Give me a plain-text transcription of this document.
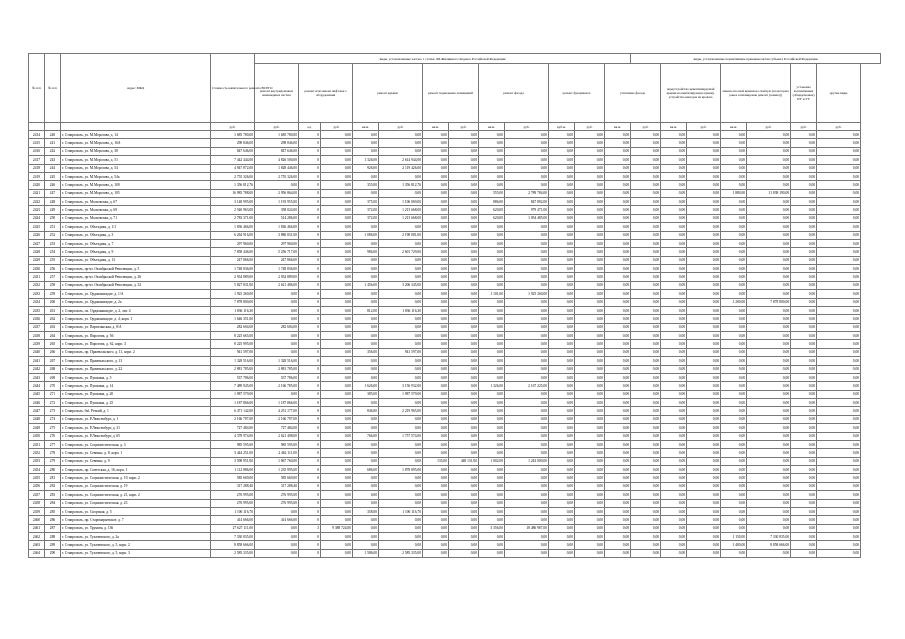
№ п/п	№ п/п	Адрес МКД	Стоимость капитального ремонта ВСЕГО	виды, установленные частью 1 статьи 166 Жилищного Кодекса Российской Федерации												виды, установленные нормативным правовым актом субъекта Российской Федерации						
				ремонт внутридомовых инженерных систем	ремонт или замена лифтового оборудования		ремонт крыши		ремонт подвальных помещений		ремонт фасада		ремонт фундамента		утепление фасада		переустройство невентилируемой крыши на вентилируемую крышу, устройство выходов на кровлю		замена плоской крыши на скатную (на которых ранее запланирован ремонт (замена))		установка коллективных (общедомовых) ПУ и УУ	другие виды
			руб.	руб.	ед.	руб.	кв.м.	руб.	кв.м.	руб.	кв.м.	руб.	куб.м.	руб.	кв.м.	руб.	кв.м.	руб.	кв.м.	руб.	руб.	руб.
2414	240	г. Ставрополь, ул. М.Морозова, д. 14	1 685 780,00	1 685 780,00	0	0,00	0,00	0,00	0,00	0,00	0,00	0,00	0,00	0,00	0,00	0,00	0,00	0,00	0,00	0,00	0,00	0,00
2415	241	г. Ставрополь, ул. М.Морозова, д. 16А	298 846,00	298 846,00	0	0,00	0,00	0,00	0,00	0,00	0,00	0,00	0,00	0,00	0,00	0,00	0,00	0,00	0,00	0,00	0,00	0,00
2416	242	г. Ставрополь, ул. М.Морозова, д. 38	847 646,00	847 646,00	0	0,00	0,00	0,00	0,00	0,00	0,00	0,00	0,00	0,00	0,00	0,00	0,00	0,00	0,00	0,00	0,00	0,00
2417	243	г. Ставрополь, ул. М.Морозова, д. 51	7 442 444,00	4 826 500,00	0	0,00	1 326,00	2 614 944,00	0,00	0,00	0,00	0,00	0,00	0,00	0,00	0,00	0,00	0,00	0,00	0,00	0,00	0,00
2418	244	г. Ставрополь, ул. М.Морозова, д. 54	4 947 872,00	1 828 446,00	0	0,00	926,00	2 119 426,00	0,00	0,00	0,00	0,00	0,00	0,00	0,00	0,00	0,00	0,00	0,00	0,00	0,00	0,00
2419	245	г. Ставрополь, ул. М.Морозова, д. 54а	2 755 326,00	2 755 326,00	0	0,00	0,00	0,00	0,00	0,00	0,00	0,00	0,00	0,00	0,00	0,00	0,00	0,00	0,00	0,00	0,00	0,00
2420	246	г. Ставрополь, ул. М.Морозова, д. 100	1 356 812,76	0,00	0	0,00	355,00	1 356 812,76	0,00	0,00	0,00	0,00	0,00	0,00	0,00	0,00	0,00	0,00	0,00	0,00	0,00	0,00
2421	247	г. Ставрополь, ул. М.Морозова, д. 105	16 985 788,00	2 956 864,00	0	0,00	0,00	0,00	0,00	0,00	555,00	2 789 784,00	0,00	0,00	0,00	0,00	0,00	0,00	1 880,00	11 838 190,00	0,00	0,00
2422	248	г. Ставрополь, ул. Московская, д. 67	3 148 995,00	1 193 955,00	0	0,00	375,00	1 106 069,00	0,00	0,00	886,00	847 892,00	0,00	0,00	0,00	0,00	0,00	0,00	0,00	0,00	0,00	0,00
2423	249	г. Ставрополь, ул. Московская, д. 69	2 540 963,00	358 024,00	0	0,00	372,00	1 213 668,00	0,00	0,00	620,00	979 471,00	0,00	0,00	0,00	0,00	0,00	0,00	0,00	0,00	0,00	0,00
2424	250	г. Ставрополь, ул. Московская, д. 71	2 783 371,00	514 286,00	0	0,00	372,00	1 213 668,00	0,00	0,00	620,00	1 054 485,00	0,00	0,00	0,00	0,00	0,00	0,00	0,00	0,00	0,00	0,00
2425	251	г. Ставрополь, ул. Объездная, д. 1/1	1 836 466,00	1 836 466,00	0	0,00	0,00	0,00	0,00	0,00	0,00	0,00	0,00	0,00	0,00	0,00	0,00	0,00	0,00	0,00	0,00	0,00
2426	252	г. Ставрополь, ул. Объездная, д. 3	6 264 916,00	3 886 831,00	0	0,00	1 086,00	2 198 081,00	0,00	0,00	0,00	0,00	0,00	0,00	0,00	0,00	0,00	0,00	0,00	0,00	0,00	0,00
2427	253	г. Ставрополь, ул. Объездная, д. 7	297 960,00	297 960,00	0	0,00	0,00	0,00	0,00	0,00	0,00	0,00	0,00	0,00	0,00	0,00	0,00	0,00	0,00	0,00	0,00	0,00
2428	254	г. Ставрополь, ул. Объездная, д. 9	7 858 446,00	5 256 717,00	0	0,00	986,00	2 601 729,00	0,00	0,00	0,00	0,00	0,00	0,00	0,00	0,00	0,00	0,00	0,00	0,00	0,00	0,00
2429	255	г. Ставрополь, ул. Объездная, д. 13	247 866,00	247 866,00	0	0,00	0,00	0,00	0,00	0,00	0,00	0,00	0,00	0,00	0,00	0,00	0,00	0,00	0,00	0,00	0,00	0,00
2430	256	г. Ставрополь, пр-кт. Октябрьской Революции, д. 5	1 748 836,00	1 748 836,00	0	0,00	0,00	0,00	0,00	0,00	0,00	0,00	0,00	0,00	0,00	0,00	0,00	0,00	0,00	0,00	0,00	0,00
2431	257	г. Ставрополь, пр-кт. Октябрьской Революции, д. 26	2 934 889,00	2 934 889,00	0	0,00	0,00	0,00	0,00	0,00	0,00	0,00	0,00	0,00	0,00	0,00	0,00	0,00	0,00	0,00	0,00	0,00
2432	258	г. Ставрополь, пр-кт. Октябрьской Революции, д. 32	5 827 831,00	2 621 486,00	0	0,00	1 456,00	3 206 345,00	0,00	0,00	0,00	0,00	0,00	0,00	0,00	0,00	0,00	0,00	0,00	0,00	0,00	0,00
2433	259	г. Ставрополь, ул. Орджоникидзе, д. 1/А	1 925 260,00	0,00	0	0,00	0,00	0,00	0,00	0,00	1 101,00	1 925 260,00	0,00	0,00	0,00	0,00	0,00	0,00	0,00	0,00	0,00	0,00
2434	260	г. Ставрополь, ул. Орджоникидзе, д. 2а	7 878 800,00	0,00	0	0,00	0,00	0,00	0,00	0,00	0,00	0,00	0,00	0,00	0,00	0,00	0,00	0,00	1 200,00	7 878 800,00	0,00	0,00
2435	261	г. Ставрополь, пл. Орджоникидзе, д. 2, лит. 4	1 836 116,30	0,00	0	0,00	812,00	1 836 116,30	0,00	0,00	0,00	0,00	0,00	0,00	0,00	0,00	0,00	0,00	0,00	0,00	0,00	0,00
2436	262	г. Ставрополь, ул. Орджоникидзе, д. 4, корп. 1	1 646 351,00	0,00	0	0,00	0,00	0,00	0,00	0,00	0,00	0,00	0,00	0,00	0,00	0,00	0,00	0,00	0,00	0,00	0,00	0,00
2437	263	г. Ставрополь, ул. Партизанская, д. 8/А	282 604,00	282 604,00	0	0,00	0,00	0,00	0,00	0,00	0,00	0,00	0,00	0,00	0,00	0,00	0,00	0,00	0,00	0,00	0,00	0,00
2438	264	г. Ставрополь, ул. Пирогова, д. 56	8 225 665,00	0,00	0	0,00	0,00	0,00	0,00	0,00	0,00	0,00	0,00	0,00	0,00	0,00	0,00	0,00	0,00	0,00	0,00	0,00
2439	265	г. Ставрополь, ул. Пирогова, д. 62, корп. 3	8 225 995,00	0,00	0	0,00	0,00	0,00	0,00	0,00	0,00	0,00	0,00	0,00	0,00	0,00	0,00	0,00	0,00	0,00	0,00	0,00
2440	266	г. Ставрополь, пр. Пржевальского, д. 11, корп. 2	941 597,00	0,00	0	0,00	356,00	941 597,00	0,00	0,00	0,00	0,00	0,00	0,00	0,00	0,00	0,00	0,00	0,00	0,00	0,00	0,00
2441	267	г. Ставрополь, ул. Пржевальского, д. 13	1 328 516,00	1 328 516,00	0	0,00	0,00	0,00	0,00	0,00	0,00	0,00	0,00	0,00	0,00	0,00	0,00	0,00	0,00	0,00	0,00	0,00
2442	268	г. Ставрополь, ул. Пржевальского, д. 22	2 881 785,00	2 881 785,00	0	0,00	0,00	0,00	0,00	0,00	0,00	0,00	0,00	0,00	0,00	0,00	0,00	0,00	0,00	0,00	0,00	0,00
2443	269	г. Ставрополь, ул. Пушкина, д. 5	537 786,00	537 786,00	0	0,00	0,00	0,00	0,00	0,00	0,00	0,00	0,00	0,00	0,00	0,00	0,00	0,00	0,00	0,00	0,00	0,00
2444	270	г. Ставрополь, ул. Пушкина, д. 14	7 489 945,00	2 166 785,00	0	0,00	1 626,00	3 156 932,00	0,00	0,00	1 326,00	2 167 225,00	0,00	0,00	0,00	0,00	0,00	0,00	0,00	0,00	0,00	0,00
2445	271	г. Ставрополь, ул. Пушкина, д. 20	1 987 579,00	0,00	0	0,00	385,00	1 987 579,00	0,00	0,00	0,00	0,00	0,00	0,00	0,00	0,00	0,00	0,00	0,00	0,00	0,00	0,00
2446	272	г. Ставрополь, ул. Пушкина, д. 25	1 187 866,00	1 187 866,00	0	0,00	0,00	0,00	0,00	0,00	0,00	0,00	0,00	0,00	0,00	0,00	0,00	0,00	0,00	0,00	0,00	0,00
2447	273	г. Ставрополь, бul. Резкий, д. 1	6 471 142,00	4 251 177,00	0	0,00	846,00	2 219 965,00	0,00	0,00	0,00	0,00	0,00	0,00	0,00	0,00	0,00	0,00	0,00	0,00	0,00	0,00
2448	274	г. Ставрополь, ул. Р.Люксембург, д. 1	2 166 797,00	2 166 797,00	0	0,00	0,00	0,00	0,00	0,00	0,00	0,00	0,00	0,00	0,00	0,00	0,00	0,00	0,00	0,00	0,00	0,00
2449	275	г. Ставрополь, ул. Р.Люксембург, д. 31	727 484,00	727 484,00	0	0,00	0,00	0,00	0,00	0,00	0,00	0,00	0,00	0,00	0,00	0,00	0,00	0,00	0,00	0,00	0,00	0,00
2450	276	г. Ставрополь, ул. Р.Люксембург, д. 65	4 378 974,00	2 621 408,00	0	0,00	766,00	1 757 574,00	0,00	0,00	0,00	0,00	0,00	0,00	0,00	0,00	0,00	0,00	0,00	0,00	0,00	0,00
2451	277	г. Ставрополь, ул. Социалистическая, д. 3	985 595,00	985 595,00	0	0,00	0,00	0,00	0,00	0,00	0,00	0,00	0,00	0,00	0,00	0,00	0,00	0,00	0,00	0,00	0,00	0,00
2452	278	г. Ставрополь, ул. Севенко, д. 8, корп. 1	3 444 251,00	2 462 111,00	0	0,00	0,00	0,00	0,00	0,00	0,00	0,00	0,00	0,00	0,00	0,00	0,00	0,00	0,00	0,00	0,00	0,00
2453	279	г. Ставрополь, ул. Севенко, д. 9	3 598 951,00	1 867 760,00	0	0,00	0,00	0,00	135,00	448 131,00	1 002,00	1 243 000,00	0,00	0,00	0,00	0,00	0,00	0,00	0,00	0,00	0,00	0,00
2454	280	г. Ставрополь, пр. Советская, д. 16, корп. 1	1 112 886,00	1 235 995,00	0	0,00	686,00	1 878 895,00	0,00	0,00	0,00	0,00	0,00	0,00	0,00	0,00	0,00	0,00	0,00	0,00	0,00	0,00
2455	281	г. Ставрополь, ул. Социалистическая, д. 19, корп. 2	585 669,00	585 669,00	0	0,00	0,00	0,00	0,00	0,00	0,00	0,00	0,00	0,00	0,00	0,00	0,00	0,00	0,00	0,00	0,00	0,00
2456	282	г. Ставрополь, ул. Социалистическая, д. 19	317 288,40	317 288,40	0	0,00	0,00	0,00	0,00	0,00	0,00	0,00	0,00	0,00	0,00	0,00	0,00	0,00	0,00	0,00	0,00	0,00
2457	283	г. Ставрополь, ул. Социалистическая, д. 21, корп. 2	276 995,00	276 995,00	0	0,00	0,00	0,00	0,00	0,00	0,00	0,00	0,00	0,00	0,00	0,00	0,00	0,00	0,00	0,00	0,00	0,00
2458	284	г. Ставрополь, ул. Социалистическая, д. 23	276 995,00	276 995,00	0	0,00	0,00	0,00	0,00	0,00	0,00	0,00	0,00	0,00	0,00	0,00	0,00	0,00	0,00	0,00	0,00	0,00
2459	285	г. Ставрополь, ул. Спортная, д. 5	1 106 116,70	0,00	0	0,00	358,00	1 106 116,70	0,00	0,00	0,00	0,00	0,00	0,00	0,00	0,00	0,00	0,00	0,00	0,00	0,00	0,00
2460	286	г. Ставрополь, пр. Старомарьевское, д. 7	414 666,00	414 666,00	0	0,00	0,00	0,00	0,00	0,00	0,00	0,00	0,00	0,00	0,00	0,00	0,00	0,00	0,00	0,00	0,00	0,00
2461	287	г. Ставрополь, ул. Трунова, д. 136	27 627 111,00	0,00	3	9 388 724,00	0,00	0,00	0,00	0,00	3 356,00	18 486 987,00	0,00	0,00	0,00	0,00	0,00	0,00	0,00	0,00	0,00	0,00
2462	288	г. Ставрополь, ул. Тухачевского, д. 2а	7 330 835,00	0,00	0	0,00	0,00	0,00	0,00	0,00	0,00	0,00	0,00	0,00	0,00	0,00	0,00	0,00	1 150,00	7 330 835,00	0,00	0,00
2463	289	г. Ставрополь, ул. Тухачевского, д. 5, корп. 2	8 858 666,00	0,00	0	0,00	0,00	0,00	0,00	0,00	0,00	0,00	0,00	0,00	0,00	0,00	0,00	0,00	1 400,00	8 858 666,00	0,00	0,00
2464	290	г. Ставрополь, ул. Тухачевского, д. 5, корп. 3	2 585 335,00	0,00	0	0,00	1 586,00	2 585 335,00	0,00	0,00	0,00	0,00	0,00	0,00	0,00	0,00	0,00	0,00	0,00	0,00	0,00	0,00
